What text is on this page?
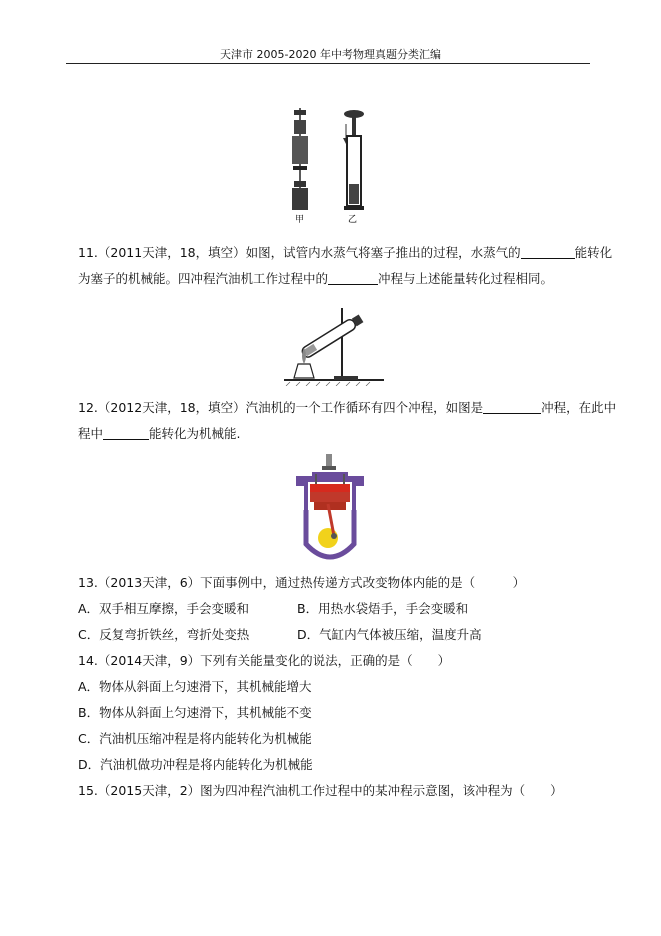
天津市 2005-2020 年中考物理真题分类汇编
甲	乙
11.（2011天津，18，填空）如图，试管内水蒸气将塞子推出的过程，水蒸气的	能转化
为塞子的机械能。四冲程汽油机工作过程中的	冲程与上述能量转化过程相同。
12.（2012天津，18，填空）汽油机的一个工作循环有四个冲程，如图是	冲程，在此中
程中	能转化为机械能.
13.（2013天津，6）下面事例中，通过热传递方式改变物体内能的是（　　　）
A．双手相互摩擦，手会变暖和	B．用热水袋焐手，手会变暖和
C．反复弯折铁丝，弯折处变热	D．气缸内气体被压缩，温度升高
14.（2014天津，9）下列有关能量变化的说法，正确的是（　　）
A．物体从斜面上匀速滑下，其机械能增大
B．物体从斜面上匀速滑下，其机械能不变
C．汽油机压缩冲程是将内能转化为机械能
D．汽油机做功冲程是将内能转化为机械能
15.（2015天津，2）图为四冲程汽油机工作过程中的某冲程示意图，该冲程为（　　）
